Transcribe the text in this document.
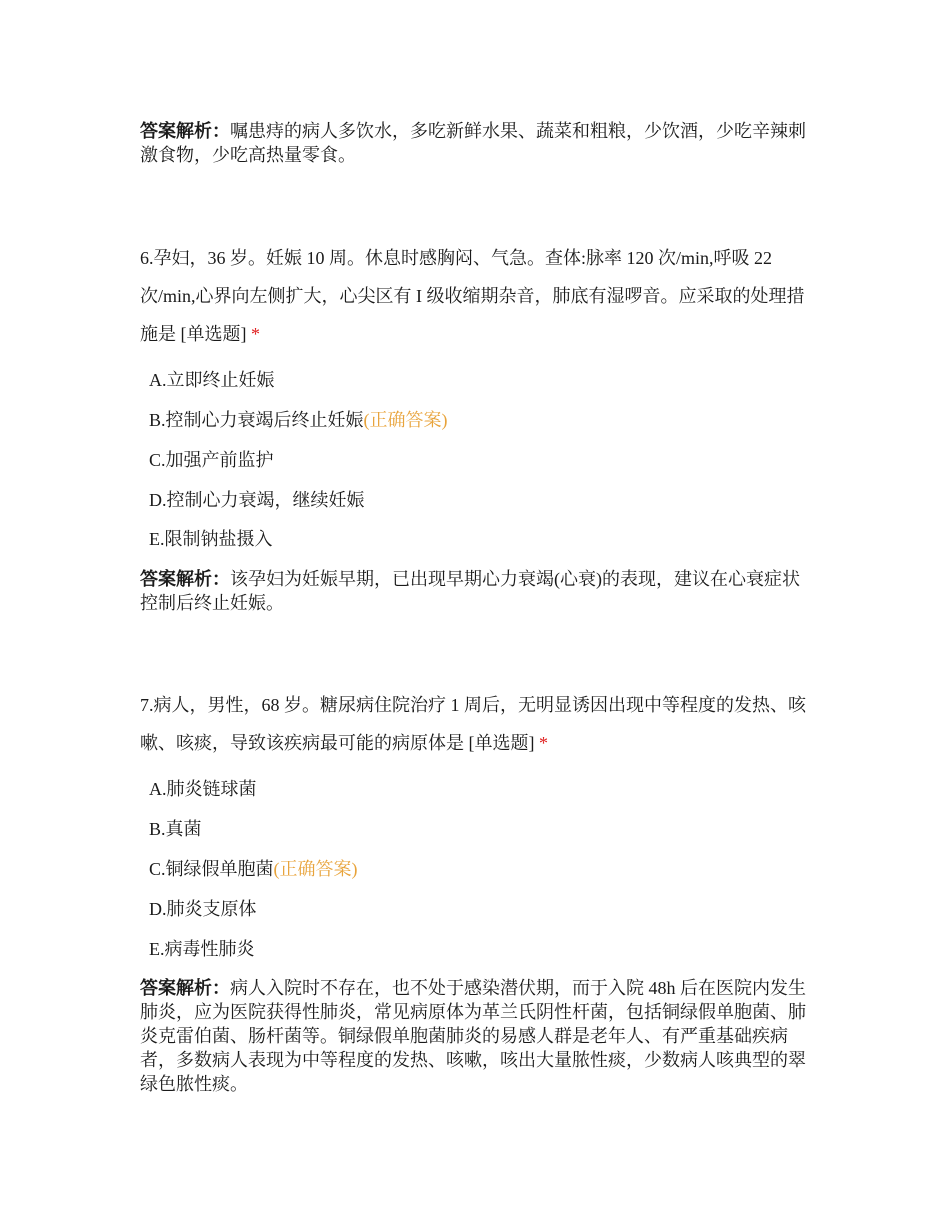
答案解析：嘱患痔的病人多饮水，多吃新鲜水果、蔬菜和粗粮，少饮酒，少吃辛辣刺激食物，少吃高热量零食。
6.孕妇，36 岁。妊娠 10 周。休息时感胸闷、气急。查体:脉率 120 次/min,呼吸 22 次/min,心界向左侧扩大，心尖区有 I 级收缩期杂音，肺底有湿啰音。应采取的处理措施是 [单选题] *
A.立即终止妊娠
B.控制心力衰竭后终止妊娠(正确答案)
C.加强产前监护
D.控制心力衰竭，继续妊娠
E.限制钠盐摄入
答案解析：该孕妇为妊娠早期，已出现早期心力衰竭(心衰)的表现，建议在心衰症状控制后终止妊娠。
7.病人，男性，68 岁。糖尿病住院治疗 1 周后，无明显诱因出现中等程度的发热、咳嗽、咳痰，导致该疾病最可能的病原体是 [单选题] *
A.肺炎链球菌
B.真菌
C.铜绿假单胞菌(正确答案)
D.肺炎支原体
E.病毒性肺炎
答案解析：病人入院时不存在，也不处于感染潜伏期，而于入院 48h 后在医院内发生肺炎，应为医院获得性肺炎，常见病原体为革兰氏阴性杆菌，包括铜绿假单胞菌、肺炎克雷伯菌、肠杆菌等。铜绿假单胞菌肺炎的易感人群是老年人、有严重基础疾病者，多数病人表现为中等程度的发热、咳嗽，咳出大量脓性痰，少数病人咳典型的翠绿色脓性痰。
